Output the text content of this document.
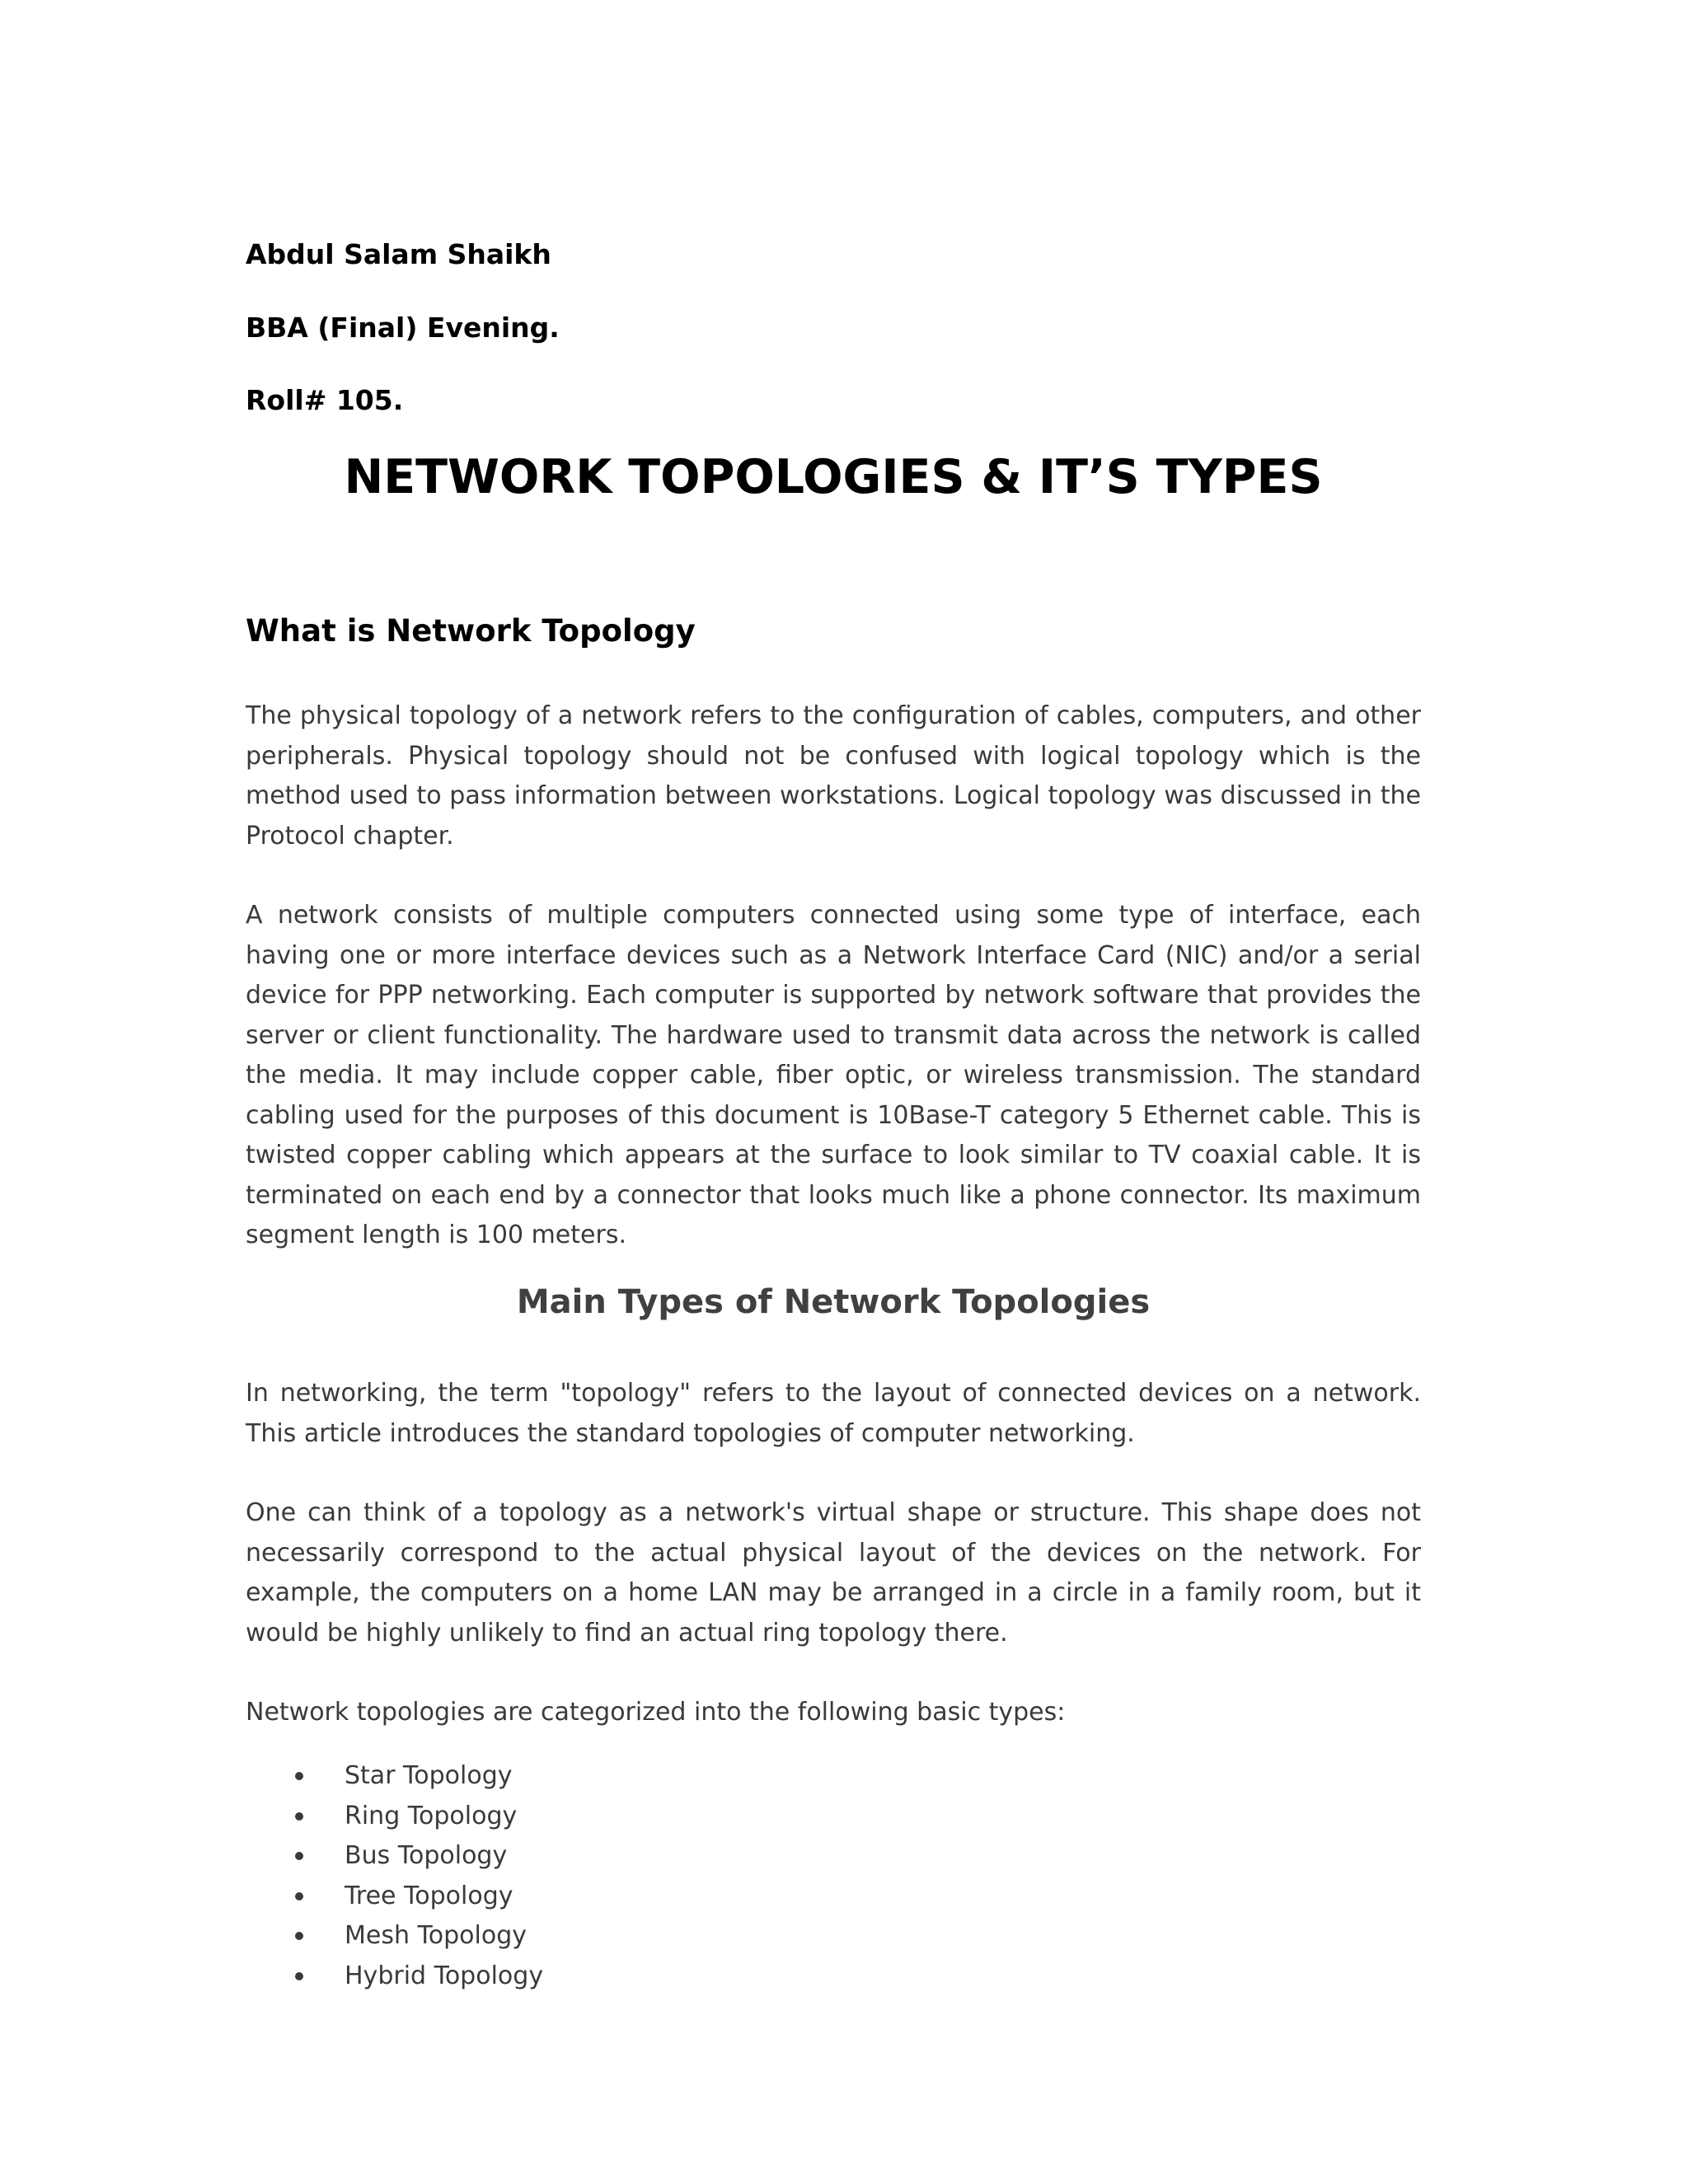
Abdul Salam Shaikh

BBA (Final) Evening.

Roll# 105.

NETWORK TOPOLOGIES & IT’S TYPES
What is Network Topology

The physical topology of a network refers to the configuration of cables, computers, and other peripherals. Physical topology should not be confused with logical topology which is the method used to pass information between workstations. Logical topology was discussed in the Protocol chapter.

A network consists of multiple computers connected using some type of interface, each having one or more interface devices such as a Network Interface Card (NIC) and/or a serial device for PPP networking. Each computer is supported by network software that provides the server or client functionality. The hardware used to transmit data across the network is called the media. It may include copper cable, fiber optic, or wireless transmission. The standard cabling used for the purposes of this document is 10Base-T category 5 Ethernet cable. This is twisted copper cabling which appears at the surface to look similar to TV coaxial cable. It is terminated on each end by a connector that looks much like a phone connector. Its maximum segment length is 100 meters.

Main Types of Network Topologies

In networking, the term "topology" refers to the layout of connected devices on a network. This article introduces the standard topologies of computer networking.

One can think of a topology as a network's virtual shape or structure. This shape does not necessarily correspond to the actual physical layout of the devices on the network. For example, the computers on a home LAN may be arranged in a circle in a family room, but it would be highly unlikely to find an actual ring topology there.

Network topologies are categorized into the following basic types:

Star Topology
Ring Topology
Bus Topology
Tree Topology
Mesh Topology
Hybrid Topology
